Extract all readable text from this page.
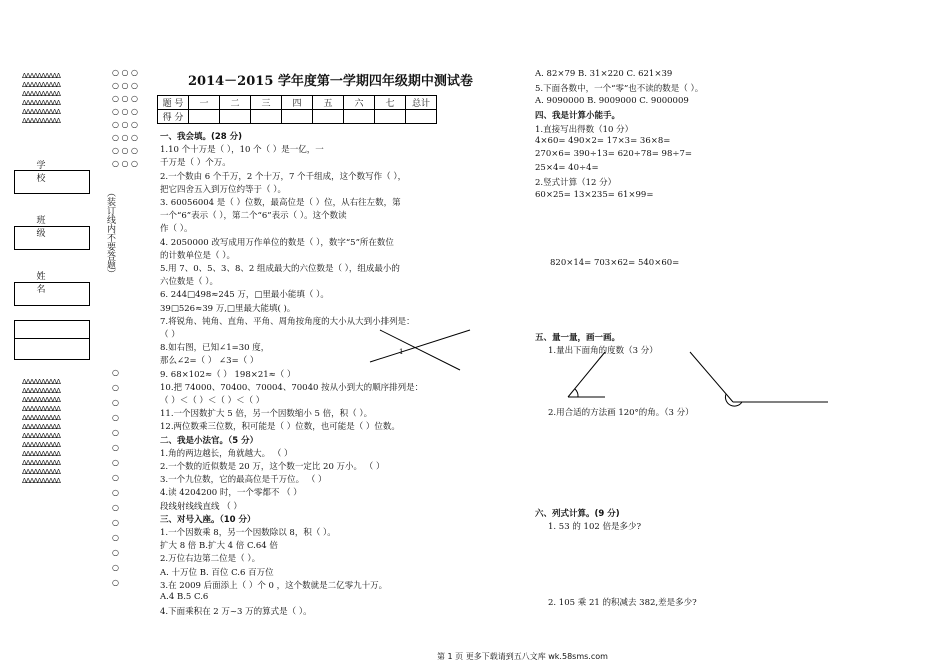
ΔΔΔΔΔΔΔΔΔΔ
ΔΔΔΔΔΔΔΔΔΔ
ΔΔΔΔΔΔΔΔΔΔ
ΔΔΔΔΔΔΔΔΔΔ
ΔΔΔΔΔΔΔΔΔΔ
ΔΔΔΔΔΔΔΔΔΔ
ΔΔΔΔΔΔΔΔΔΔ
ΔΔΔΔΔΔΔΔΔΔ
ΔΔΔΔΔΔΔΔΔΔ
ΔΔΔΔΔΔΔΔΔΔ
ΔΔΔΔΔΔΔΔΔΔ
ΔΔΔΔΔΔΔΔΔΔ
ΔΔΔΔΔΔΔΔΔΔ
ΔΔΔΔΔΔΔΔΔΔ
ΔΔΔΔΔΔΔΔΔΔ
ΔΔΔΔΔΔΔΔΔΔ
ΔΔΔΔΔΔΔΔΔΔ
ΔΔΔΔΔΔΔΔΔΔ
学 校
班 级
姓 名
（装订线内不要答题）
○ ○ ○
○ ○ ○
○ ○ ○
○ ○ ○
○ ○ ○
○ ○ ○
○ ○ ○
○ ○ ○
○
○
○
○
○
○
○
○
○
○
○
○
○
○
○
2014－2015 学年度第一学期四年级期中测试卷
题 号	一	二	三	四	五	六	七	总计
得 分								
一、我会填。(28 分)
1.10 个十万是（ ），10 个（ ）是一亿，一
千万是（ ）个万。
2.一个数由 6 个千万，2 个十万，7 个千组成，这个数写作（ ），
把它四舍五入到万位约等于（ ）。
3. 60056004 是（ ）位数，最高位是（ ）位，从右往左数，第
一个“6”表示（ ），第二个“6”表示（ ）。这个数读
作（ ）。
4. 2050000 改写成用万作单位的数是（ ），数字“5”所在数位
的计数单位是（ ）。
5.用 7、0、5、3、8、2 组成最大的六位数是（ ），组成最小的
六位数是（ ）。
6. 244□498≈245 万，□里最小能填（ ）。
39□526≈39 万,□里最大能填( )。
7.将锐角、钝角、直角、平角、周角按角度的大小从大到小排列是：
（ ）
8.如右图，已知∠1=30 度，
那么∠2=（ ） ∠3=（ ）
9. 68×102≈（ ） 198×21≈（ ）
10.把 74000、70400、70004、70040 按从小到大的顺序排列是：
（ ）＜（ ）＜（ ）＜（ ）
11.一个因数扩大 5 倍，另一个因数缩小 5 倍，积（ ）。
12.两位数乘三位数，积可能是（ ）位数，也可能是（ ）位数。
二、我是小法官。（5 分）
1.角的两边越长，角就越大。 （ ）
2.一个数的近似数是 20 万，这个数一定比 20 万小。 （ ）
3.一个九位数，它的最高位是千万位。 （ ）
4.读 4204200 时，一个零都不 （ ）
段线射线线直线 （ ）
三、对号入座。（10 分）
1.一个因数乘 8，另一个因数除以 8，积（ ）。
扩大 8 倍 B.扩大 4 倍 C.64 倍
2.万位右边第二位是（ ）。
A. 十万位 B. 百位 C.6 百万位
3.在 2009 后面添上（ ）个 0 ，这个数就是二亿零九十万。
A.4 B.5 C.6
4.下面乘积在 2 万~3 万的算式是（ ）。
A. 82×79 B. 31×220 C. 621×39
5.下面各数中，一个“零”也不读的数是（ ）。
A. 9090000 B. 9009000 C. 9000009
四、我是计算小能手。
1.直接写出得数（10 分）
4×60= 490×2= 17×3= 36×8=
270×6= 390÷13= 620÷78= 98÷7=
25×4= 40÷4=
2.竖式计算（12 分）
60×25= 13×235= 61×99=
820×14= 703×62= 540×60=
五、量一量，画一画。
1.量出下面角的度数（3 分）
2.用合适的方法画 120°的角。（3 分）
六、列式计算。(9 分)
1. 53 的 102 倍是多少?
2. 105 乘 21 的积减去 382,差是多少?
1
第 1 页 更多下载请到五八文库 wk.58sms.com
